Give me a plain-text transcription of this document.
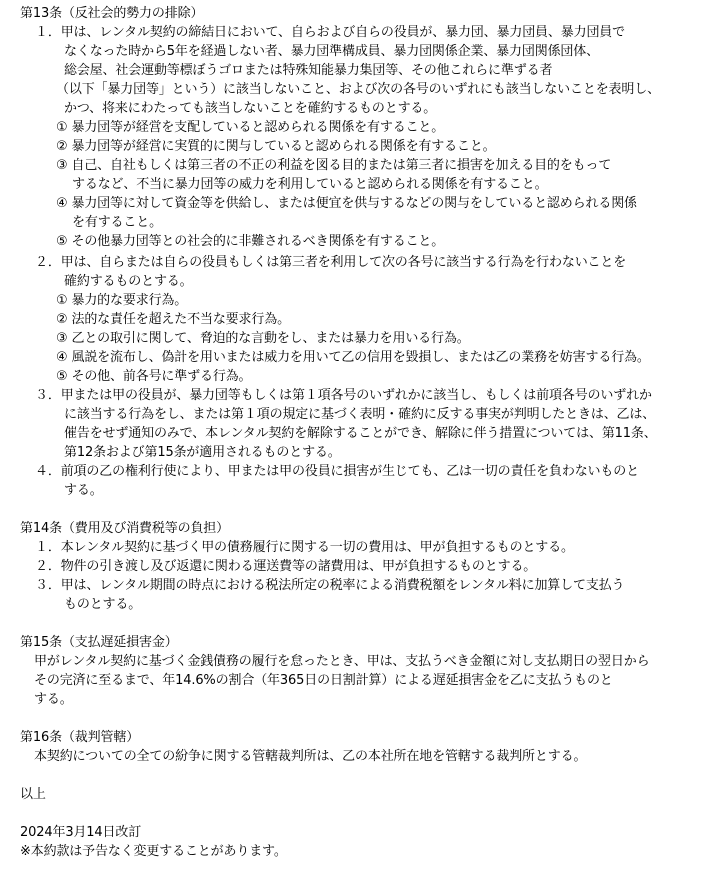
第13条（反社会的勢力の排除）
１．甲は、レンタル契約の締結日において、自らおよび自らの役員が、暴力団、暴力団員、暴力団員で
なくなった時から5年を経過しない者、暴力団準構成員、暴力団関係企業、暴力団関係団体、
総会屋、社会運動等標ぼうゴロまたは特殊知能暴力集団等、その他これらに準ずる者
（以下「暴力団等」という）に該当しないこと、および次の各号のいずれにも該当しないことを表明し、
かつ、将来にわたっても該当しないことを確約するものとする。
① 暴力団等が経営を支配していると認められる関係を有すること。
② 暴力団等が経営に実質的に関与していると認められる関係を有すること。
③ 自己、自社もしくは第三者の不正の利益を図る目的または第三者に損害を加える目的をもって
するなど、不当に暴力団等の威力を利用していると認められる関係を有すること。
④ 暴力団等に対して資金等を供給し、または便宜を供与するなどの関与をしていると認められる関係
を有すること。
⑤ その他暴力団等との社会的に非難されるべき関係を有すること。
２．甲は、自らまたは自らの役員もしくは第三者を利用して次の各号に該当する行為を行わないことを
確約するものとする。
① 暴力的な要求行為。
② 法的な責任を超えた不当な要求行為。
③ 乙との取引に関して、脅迫的な言動をし、または暴力を用いる行為。
④ 風説を流布し、偽計を用いまたは威力を用いて乙の信用を毀損し、または乙の業務を妨害する行為。
⑤ その他、前各号に準ずる行為。
３．甲または甲の役員が、暴力団等もしくは第１項各号のいずれかに該当し、もしくは前項各号のいずれか
に該当する行為をし、または第１項の規定に基づく表明・確約に反する事実が判明したときは、乙は、
催告をせず通知のみで、本レンタル契約を解除することができ、解除に伴う措置については、第11条、
第12条および第15条が適用されるものとする。
４．前項の乙の権利行使により、甲または甲の役員に損害が生じても、乙は一切の責任を負わないものと
する。
第14条（費用及び消費税等の負担）
１．本レンタル契約に基づく甲の債務履行に関する一切の費用は、甲が負担するものとする。
２．物件の引き渡し及び返還に関わる運送費等の諸費用は、甲が負担するものとする。
３．甲は、レンタル期間の時点における税法所定の税率による消費税額をレンタル料に加算して支払う
ものとする。
第15条（支払遅延損害金）
甲がレンタル契約に基づく金銭債務の履行を怠ったとき、甲は、支払うべき金額に対し支払期日の翌日から
その完済に至るまで、年14.6%の割合（年365日の日割計算）による遅延損害金を乙に支払うものと
する。
第16条（裁判管轄）
本契約についての全ての紛争に関する管轄裁判所は、乙の本社所在地を管轄する裁判所とする。
以上
2024年3月14日改訂
※本約款は予告なく変更することがあります。
